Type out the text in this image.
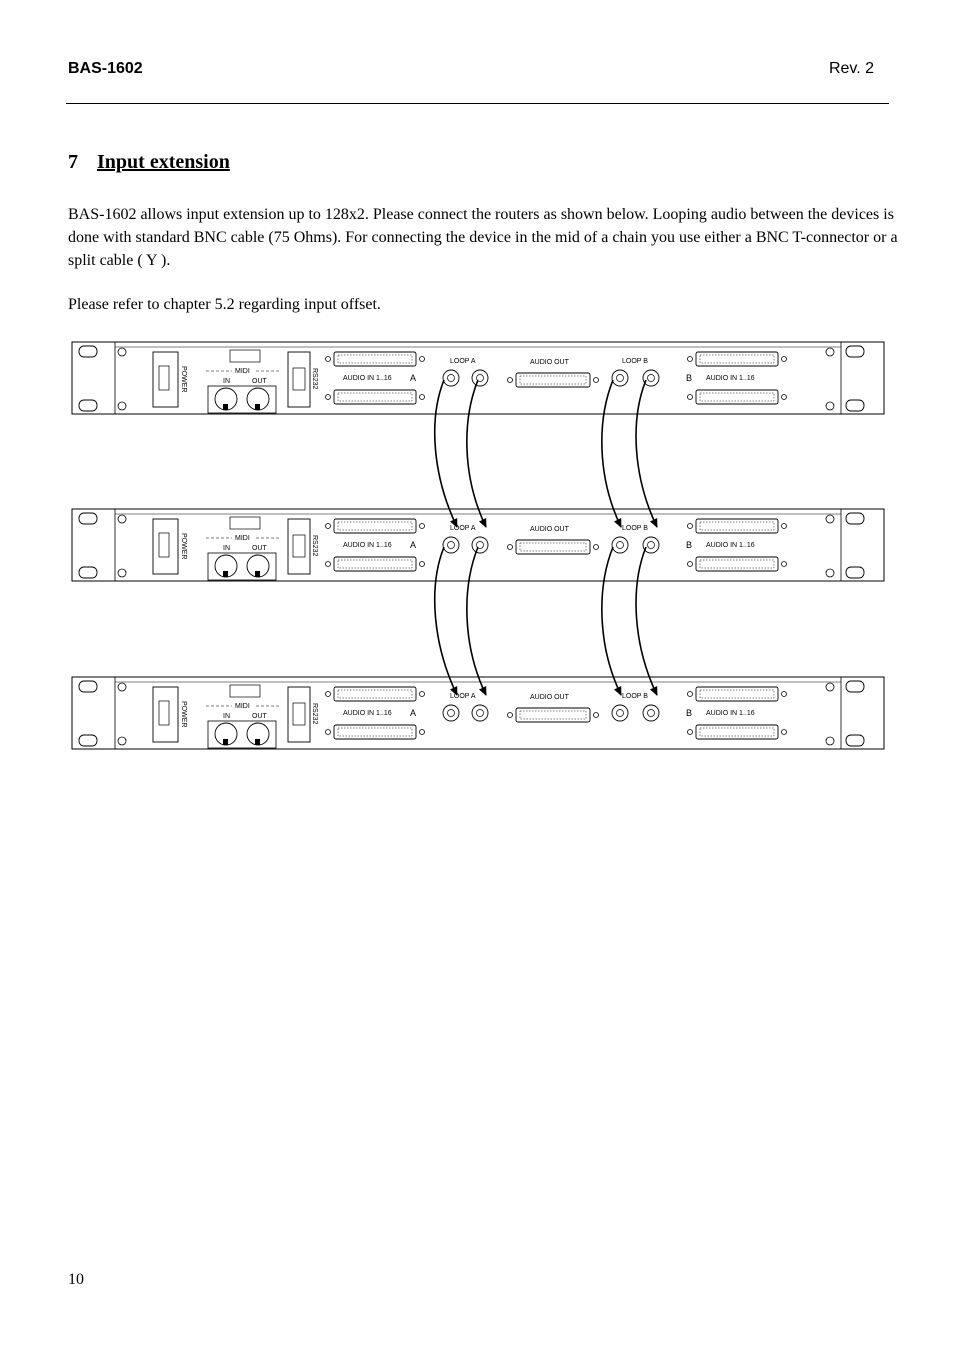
BAS-1602	Rev. 2
7 Input extension

BAS-1602 allows input extension up to 128x2. Please connect the routers as shown below. Looping audio between the devices is done with standard BNC cable (75 Ohms). For connecting the device in the mid of a chain you use either a BNC T-connector or a split cable ( Y ).

Please refer to chapter 5.2 regarding input offset.

POWER	MIDI
IN	OUT	RS232	AUDIO IN 1..16 A
LOOP A	AUDIO OUT	LOOP B
B AUDIO IN 1..16
POWER	MIDI
IN	OUT	RS232	AUDIO IN 1..16 A
LOOP A	AUDIO OUT	LOOP B
B AUDIO IN 1..16
POWER	MIDI
IN	OUT	RS232	AUDIO IN 1..16 A
LOOP A	AUDIO OUT	LOOP B
B AUDIO IN 1..16
10
